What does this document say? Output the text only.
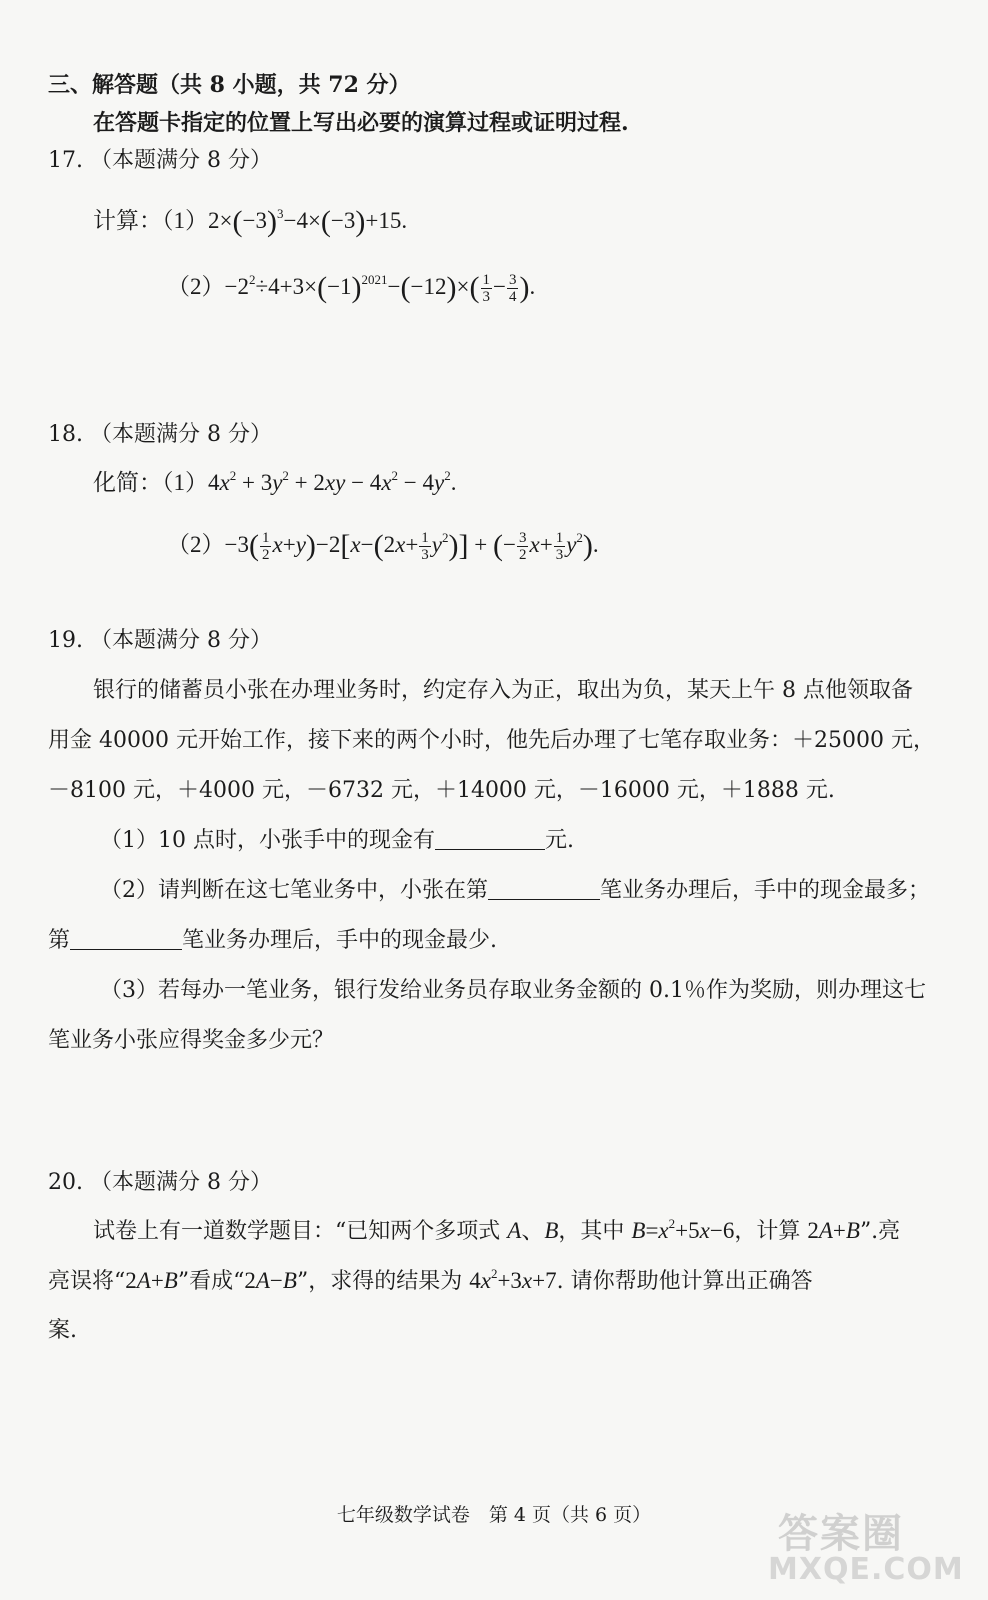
三、解答题（共 8 小题，共 72 分）
在答题卡指定的位置上写出必要的演算过程或证明过程.
17. （本题满分 8 分）
计算：$(1)2\times(-3)^3-4\times(-3)+15$.
$(2)-2^2\div 4+3\times(-1)^{2021}-(-12)\times( \frac{1}{3} - \frac{3}{4}$ ).
18. （本题满分 8 分）
化简：$(1)4x^2 + 3y^2 + 2xy - 4x^2 - 4y^2$.
$(2)-3( \frac{1}{2} x+y)-2[x-(2x+ \frac{1}{3} y^2)]$ + (− $\frac{3}{2} x+ \frac{1}{3} y^2$).
19. （本题满分 8 分）
银行的储蓄员小张在办理业务时，约定存入为正，取出为负，某天上午 8 点他领取备
用金 40000 元开始工作，接下来的两个小时，他先后办理了七笔存取业务：＋25000 元，
－8100 元，＋4000 元，－6732 元，＋14000 元，－16000 元，＋1888 元.
（1）10 点时，小张手中的现金有	元.
（2）请判断在这七笔业务中，小张在第	笔业务办理后，手中的现金最多；
第	笔业务办理后，手中的现金最少.
（3）若每办一笔业务，银行发给业务员存取业务金额的 0.1％作为奖励，则办理这七
笔业务小张应得奖金多少元？
20. （本题满分 8 分）
试卷上有一道数学题目：“已知两个多项式 A、B，其中 $B=x^2+5x-6$，计算 2A+B”.亮
亮误将“2A+B”看成“2A−B”，求得的结果为 $4x^2+3x+7$. 请你帮助他计算出正确答
案.
七年级数学试卷　第 4 页（共 6 页）	答案圈
MXQE.COM
